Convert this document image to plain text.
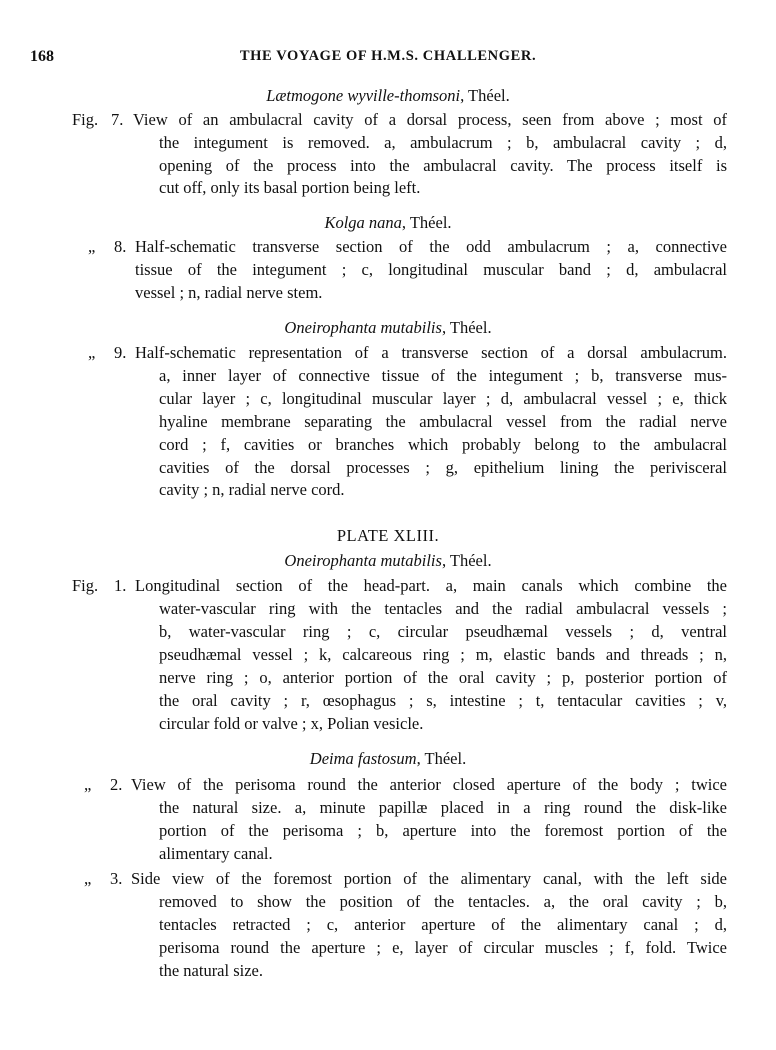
168	THE VOYAGE OF H.M.S. CHALLENGER.
Lætmogone wyville-thomsoni, Théel.
Fig. 7. View of an ambulacral cavity of a dorsal process, seen from above ; most of
the integument is removed. a, ambulacrum ; b, ambulacral cavity ; d,
opening of the process into the ambulacral cavity. The process itself is
cut off, only its basal portion being left.
Kolga nana, Théel.
„ 8. Half-schematic transverse section of the odd ambulacrum ; a, connective
tissue of the integument ; c, longitudinal muscular band ; d, ambulacral
vessel ; n, radial nerve stem.
Oneirophanta mutabilis, Théel.
„ 9. Half-schematic representation of a transverse section of a dorsal ambulacrum.
a, inner layer of connective tissue of the integument ; b, transverse mus-
cular layer ; c, longitudinal muscular layer ; d, ambulacral vessel ; e, thick
hyaline membrane separating the ambulacral vessel from the radial nerve
cord ; f, cavities or branches which probably belong to the ambulacral
cavities of the dorsal processes ; g, epithelium lining the perivisceral
cavity ; n, radial nerve cord.
PLATE XLIII.
Oneirophanta mutabilis, Théel.
Fig. 1. Longitudinal section of the head-part. a, main canals which combine the
water-vascular ring with the tentacles and the radial ambulacral vessels ;
b, water-vascular ring ; c, circular pseudhæmal vessels ; d, ventral
pseudhæmal vessel ; k, calcareous ring ; m, elastic bands and threads ; n,
nerve ring ; o, anterior portion of the oral cavity ; p, posterior portion of
the oral cavity ; r, œsophagus ; s, intestine ; t, tentacular cavities ; v,
circular fold or valve ; x, Polian vesicle.
Deima fastosum, Théel.
„ 2. View of the perisoma round the anterior closed aperture of the body ; twice
the natural size. a, minute papillæ placed in a ring round the disk-like
portion of the perisoma ; b, aperture into the foremost portion of the
alimentary canal.
„ 3. Side view of the foremost portion of the alimentary canal, with the left side
removed to show the position of the tentacles. a, the oral cavity ; b,
tentacles retracted ; c, anterior aperture of the alimentary canal ; d,
perisoma round the aperture ; e, layer of circular muscles ; f, fold. Twice
the natural size.
